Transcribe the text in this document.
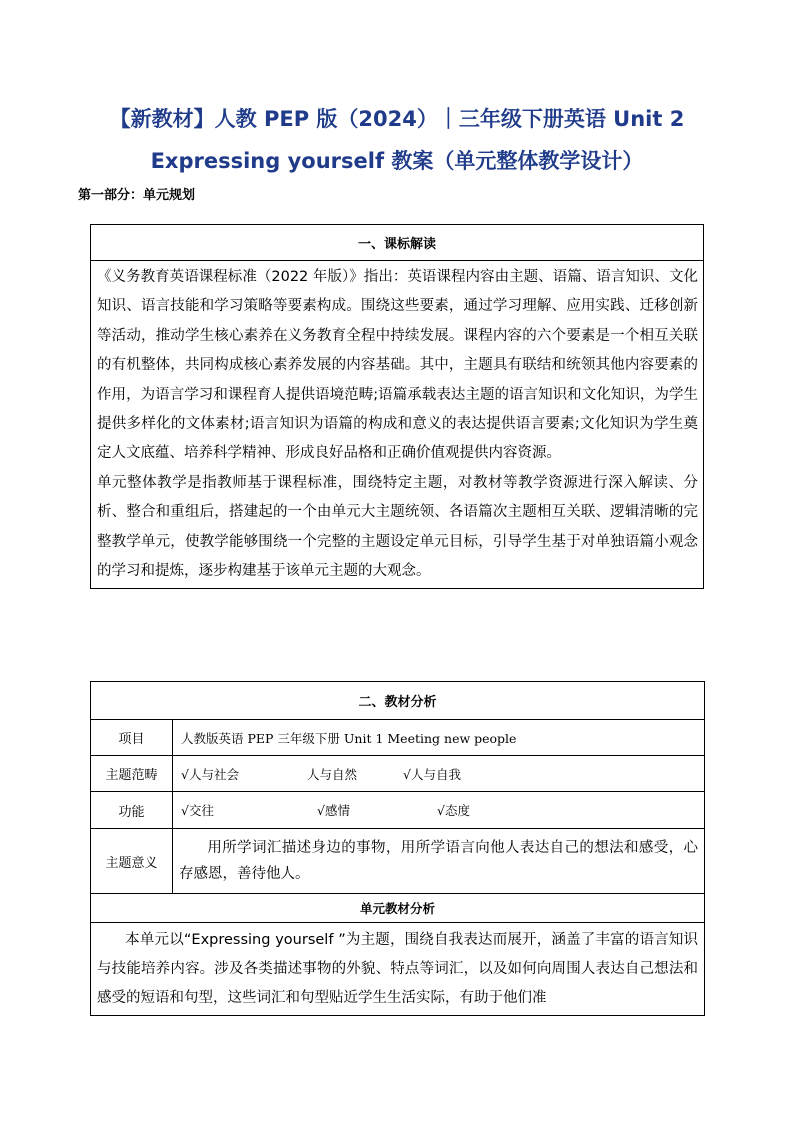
【新教材】人教 PEP 版（2024）｜三年级下册英语 Unit 2
Expressing yourself 教案（单元整体教学设计）
第一部分：单元规划
一、课标解读

《义务教育英语课程标准（2022 年版）》指出：英语课程内容由主题、语篇、语言知识、文化知识、语言技能和学习策略等要素构成。围绕这些要素，通过学习理解、应用实践、迁移创新等活动，推动学生核心素养在义务教育全程中持续发展。课程内容的六个要素是一个相互关联的有机整体，共同构成核心素养发展的内容基础。其中，主题具有联结和统领其他内容要素的作用，为语言学习和课程育人提供语境范畴;语篇承载表达主题的语言知识和文化知识，为学生提供多样化的文体素材;语言知识为语篇的构成和意义的表达提供语言要素;文化知识为学生奠定人文底蕴、培养科学精神、形成良好品格和正确价值观提供内容资源。

单元整体教学是指教师基于课程标准，围绕特定主题，对教材等教学资源进行深入解读、分析、整合和重组后，搭建起的一个由单元大主题统领、各语篇次主题相互关联、逻辑清晰的完整教学单元，使教学能够围绕一个完整的主题设定单元目标，引导学生基于对单独语篇小观念的学习和提炼，逐步构建基于该单元主题的大观念。

二、教材分析	
项目	人教版英语 PEP 三年级下册 Unit 1 Meeting new people
主题范畴	√人与社会 人与自然 √人与自我
功能	√交往 √感情 √态度
主题意义	用所学词汇描述身边的事物，用所学语言向他人表达自己的想法和感受，心存感恩，善待他人。
单元教材分析	
本单元以“Expressing yourself ”为主题，围绕自我表达而展开，涵盖了丰富的语言知识与技能培养内容。涉及各类描述事物的外貌、特点等词汇，以及如何向周围人表达自己想法和感受的短语和句型，这些词汇和句型贴近学生生活实际，有助于他们准	
